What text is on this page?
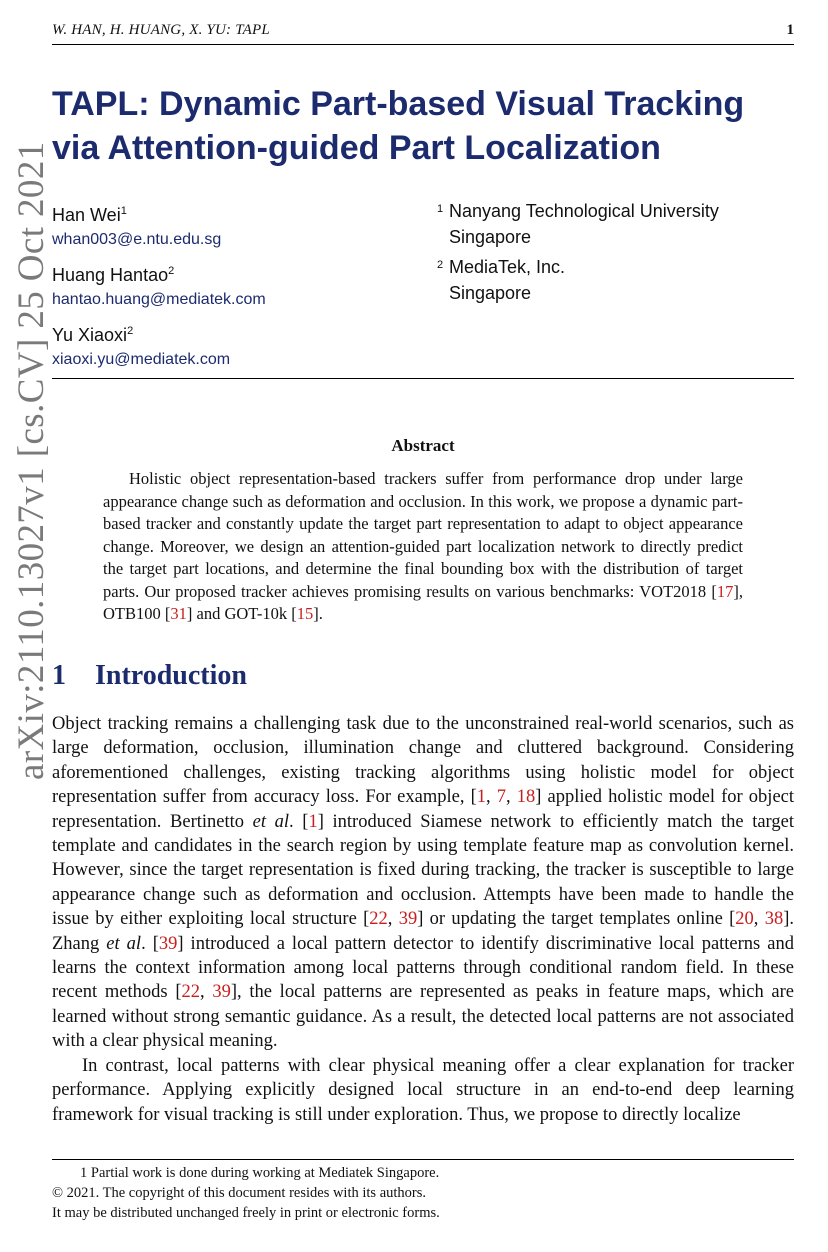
W. HAN, H. HUANG, X. YU: TAPL	1
arXiv:2110.13027v1 [cs.CV] 25 Oct 2021
TAPL: Dynamic Part-based Visual Tracking
via Attention-guided Part Localization
Han Wei$^1$
whan003@e.ntu.edu.sg
Huang Hantao$^2$
hantao.huang@mediatek.com
Yu Xiaoxi$^2$
xiaoxi.yu@mediatek.com
1 Nanyang Technological University
Singapore
2 MediaTek, Inc.
Singapore
Abstract
Holistic object representation-based trackers suffer from performance drop under large appearance change such as deformation and occlusion. In this work, we propose a dynamic part-based tracker and constantly update the target part representation to adapt to object appearance change. Moreover, we design an attention-guided part localization network to directly predict the target part locations, and determine the final bounding box with the distribution of target parts. Our proposed tracker achieves promising results on various benchmarks: VOT2018 [17], OTB100 [31] and GOT-10k [15].
1 Introduction

Object tracking remains a challenging task due to the unconstrained real-world scenarios, such as large deformation, occlusion, illumination change and cluttered background. Considering aforementioned challenges, existing tracking algorithms using holistic model for object representation suffer from accuracy loss. For example, [1, 7, 18] applied holistic model for object representation. Bertinetto et al. [1] introduced Siamese network to efficiently match the target template and candidates in the search region by using template feature map as convolution kernel. However, since the target representation is fixed during tracking, the tracker is susceptible to large appearance change such as deformation and occlusion. Attempts have been made to handle the issue by either exploiting local structure [22, 39] or updating the target templates online [20, 38]. Zhang et al. [39] introduced a local pattern detector to identify discriminative local patterns and learns the context information among local patterns through conditional random field. In these recent methods [22, 39], the local patterns are represented as peaks in feature maps, which are learned without strong semantic guidance. As a result, the detected local patterns are not associated with a clear physical meaning.

In contrast, local patterns with clear physical meaning offer a clear explanation for tracker performance. Applying explicitly designed local structure in an end-to-end deep learning framework for visual tracking is still under exploration. Thus, we propose to directly localize

1 Partial work is done during working at Mediatek Singapore.
© 2021. The copyright of this document resides with its authors.
It may be distributed unchanged freely in print or electronic forms.
